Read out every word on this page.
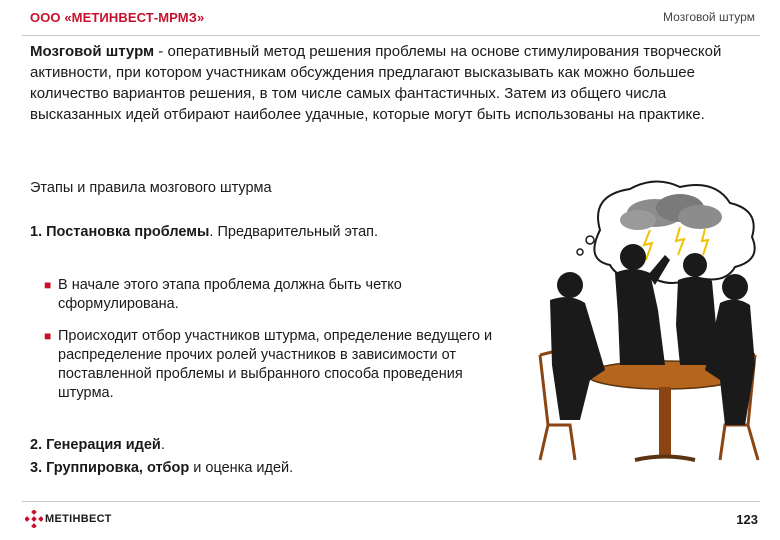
ООО «МЕТИНВЕСТ-МРМЗ»	Мозговой штурм
Мозговой штурм - оперативный метод решения проблемы на основе стимулирования творческой активности, при котором участникам обсуждения предлагают высказывать как можно большее количество вариантов решения, в том числе самых фантастичных. Затем из общего числа высказанных идей отбирают наиболее удачные, которые могут быть использованы на практике.
Этапы и правила мозгового штурма
1. Постановка проблемы. Предварительный этап.
■ В начале этого этапа проблема должна быть четко сформулирована.
■ Происходит отбор участников штурма, определение ведущего и распределение прочих ролей участников в зависимости от поставленной проблемы и выбранного способа проведения штурма.
2. Генерация идей.
3. Группировка, отбор и оценка идей.
МЕТІНВЕСТ	123
